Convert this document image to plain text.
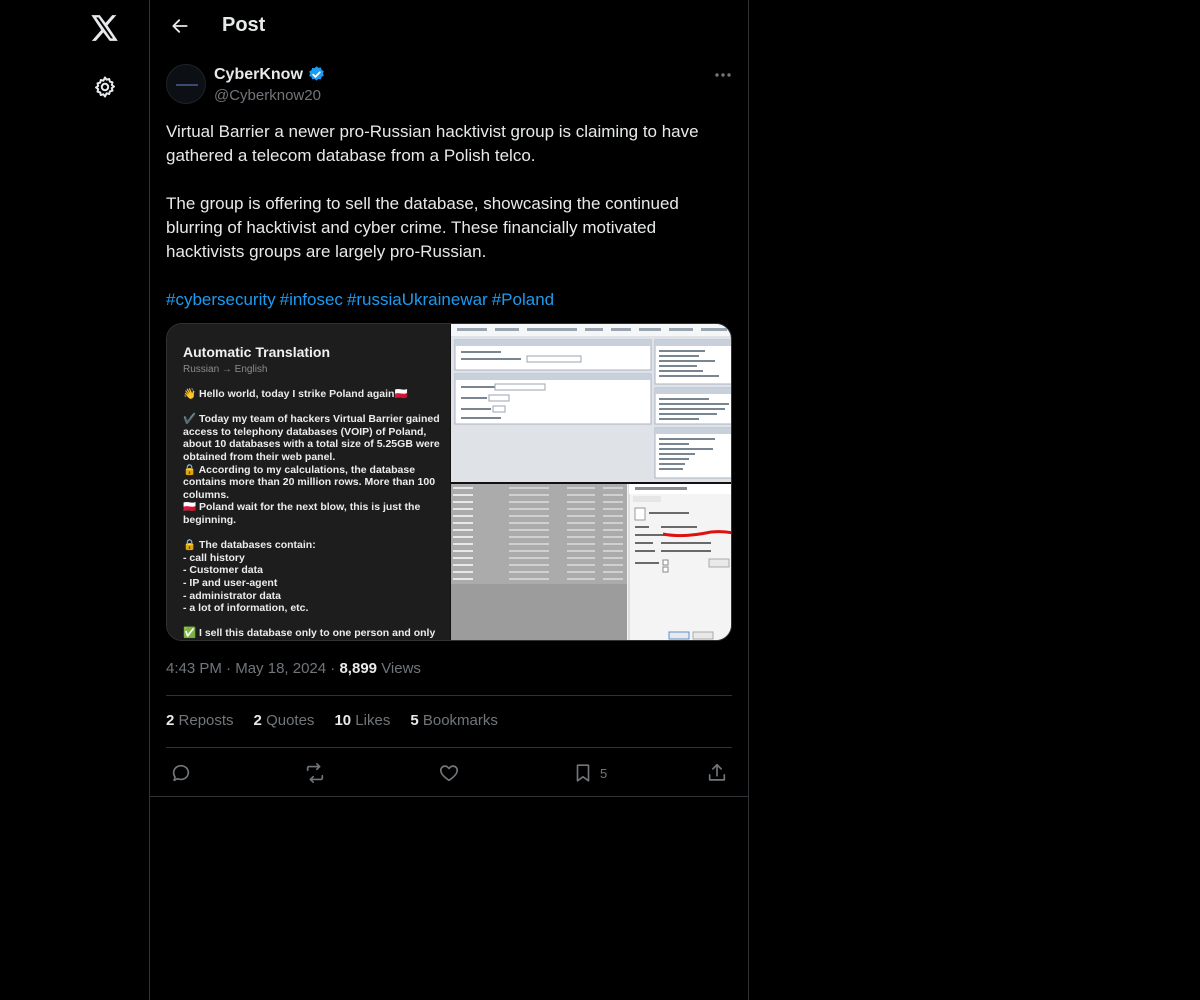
Post
CyberKnow
@Cyberknow20

Virtual Barrier a newer pro-Russian hacktivist group is claiming to have gathered a telecom database from a Polish telco.

The group is offering to sell the database, showcasing the continued blurring of hacktivist and cyber crime. These financially motivated hacktivists groups are largely pro-Russian.

#cybersecurity #infosec #russiaUkrainewar #Poland
Automatic Translation
Russian → English
👋 Hello world, today I strike Poland again🇵🇱

✔️ Today my team of hackers Virtual Barrier gained access to telephony databases (VOIP) of Poland, about 10 databases with a total size of 5.25GB were obtained from their web panel.
🔒 According to my calculations, the database contains more than 20 million rows. More than 100 columns.
🇵🇱 Poland wait for the next blow, this is just the beginning.

🔒 The databases contain:
- call history
- Customer data
- IP and user-agent
- administrator data
- a lot of information, etc.

✅ I sell this database only to one person and only
4:43 PM · May 18, 2024 · 8,899 Views
2 Reposts 2 Quotes 10 Likes 5 Bookmarks
5
